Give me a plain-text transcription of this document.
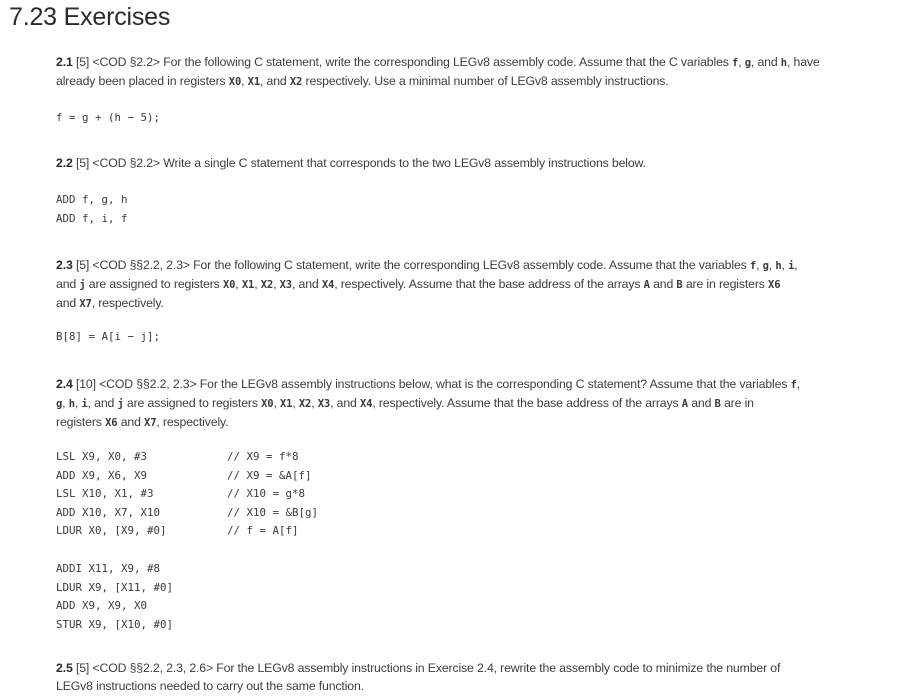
7.23 Exercises

2.1 [5] <COD §2.2> For the following C statement, write the corresponding LEGv8 assembly code. Assume that the C variables f, g, and h, have already been placed in registers X0, X1, and X2 respectively. Use a minimal number of LEGv8 assembly instructions.

f = g + (h − 5);

2.2 [5] <COD §2.2> Write a single C statement that corresponds to the two LEGv8 assembly instructions below.

ADD f, g, h
ADD f, i, f

2.3 [5] <COD §§2.2, 2.3> For the following C statement, write the corresponding LEGv8 assembly code. Assume that the variables f, g, h, i,
and j are assigned to registers X0, X1, X2, X3, and X4, respectively. Assume that the base address of the arrays A and B are in registers X6
and X7, respectively.

B[8] = A[i − j];

2.4 [10] <COD §§2.2, 2.3> For the LEGv8 assembly instructions below, what is the corresponding C statement? Assume that the variables f,
g, h, i, and j are assigned to registers X0, X1, X2, X3, and X4, respectively. Assume that the base address of the arrays A and B are in
registers X6 and X7, respectively.

LSL X9, X0, #3
ADD X9, X6, X9
LSL X10, X1, #3
ADD X10, X7, X10
LDUR X0, [X9, #0]
// X9 = f*8
// X9 = &A[f]
// X10 = g*8
// X10 = &B[g]
// f = A[f]
ADDI X11, X9, #8
LDUR X9, [X11, #0]
ADD X9, X9, X0
STUR X9, [X10, #0]

2.5 [5] <COD §§2.2, 2.3, 2.6> For the LEGv8 assembly instructions in Exercise 2.4, rewrite the assembly code to minimize the number of
LEGv8 instructions needed to carry out the same function.
